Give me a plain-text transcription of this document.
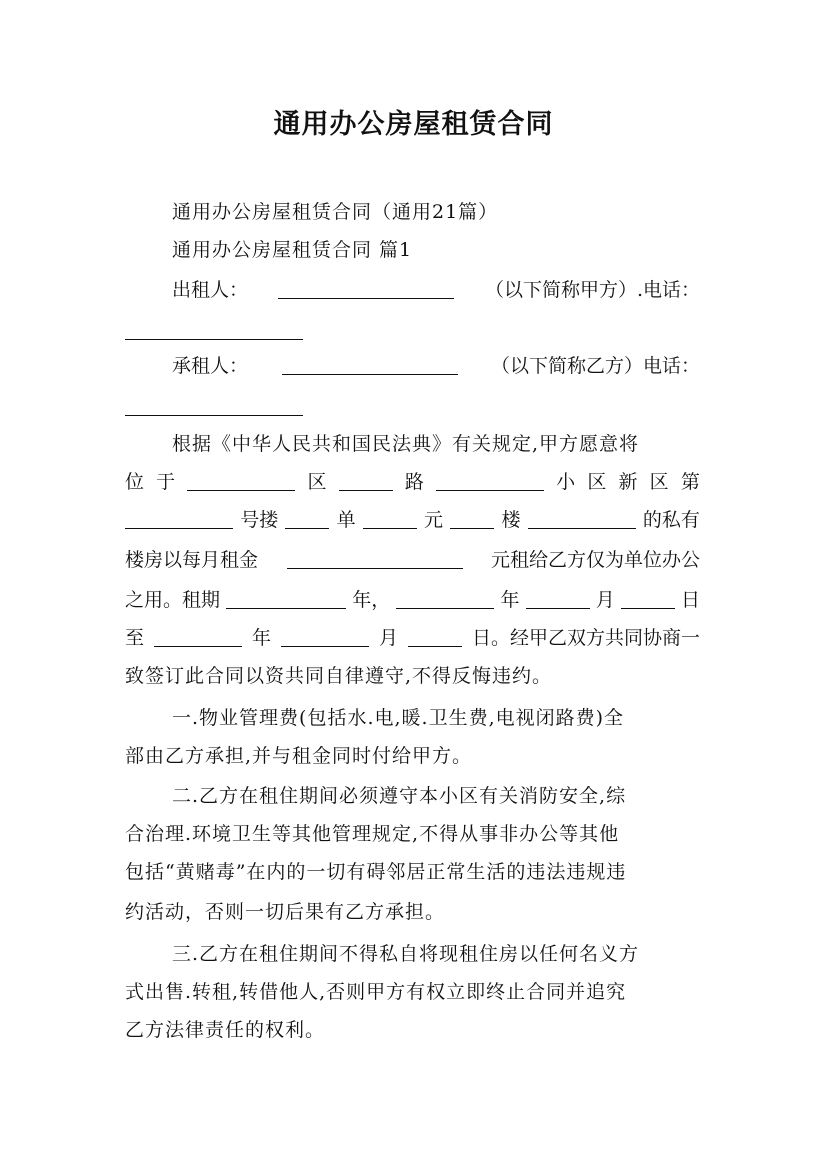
通用办公房屋租赁合同
通用办公房屋租赁合同（通用21篇）
通用办公房屋租赁合同 篇1
出租人：	（以下简称甲方）.电话：
承租人：	（以下简称乙方）电话：
根据《中华人民共和国民法典》有关规定,甲方愿意将
位 于	区	路	小 区 新 区 第
号搂	单	元	楼	的私有
楼房以每月租金	元租给乙方仅为单位办公
之用。租期	年，	年	月	日
至	年	月	日。经甲乙双方共同协商一
致签订此合同以资共同自律遵守,不得反悔违约。
一.物业管理费(包括水.电,暖.卫生费,电视闭路费)全
部由乙方承担,并与租金同时付给甲方。
二.乙方在租住期间必须遵守本小区有关消防安全,综
合治理.环境卫生等其他管理规定,不得从事非办公等其他
包括“黄赌毒”在内的一切有碍邻居正常生活的违法违规违
约活动，否则一切后果有乙方承担。
三.乙方在租住期间不得私自将现租住房以任何名义方
式出售.转租,转借他人,否则甲方有权立即终止合同并追究
乙方法律责任的权利。
